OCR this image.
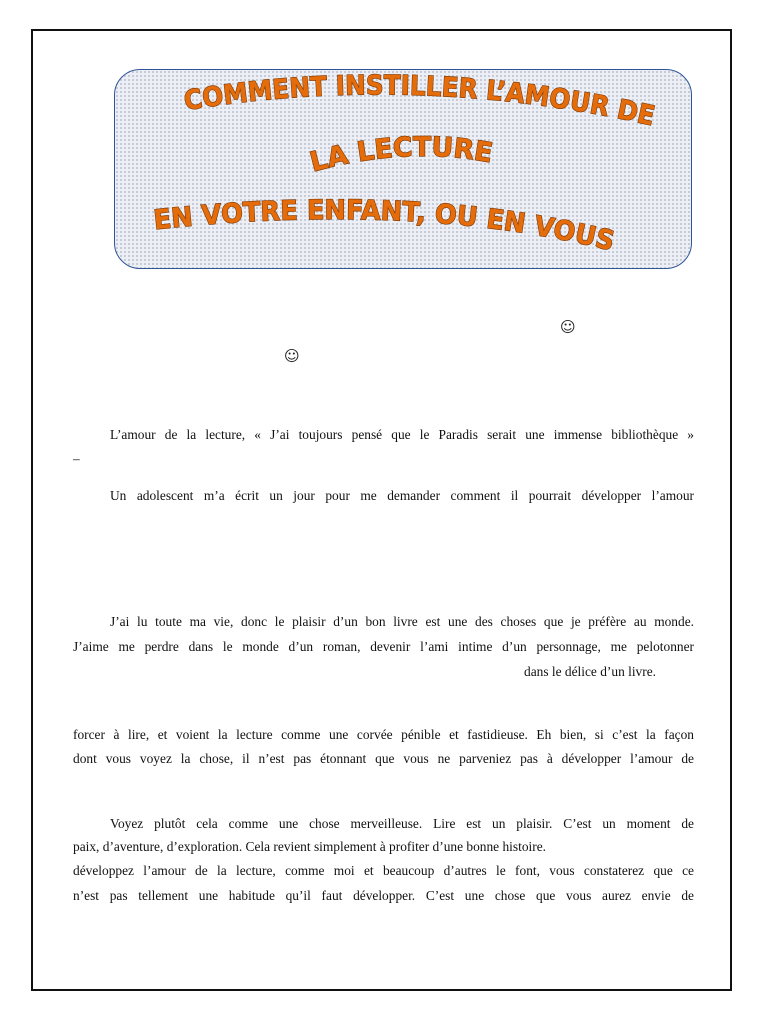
COMMENT INSTILLER L’AMOUR DE
LA LECTURE
EN VOTRE ENFANT, OU EN VOUS
☺
☺
L’amour de la lecture, « J’ai toujours pensé que le Paradis serait une immense bibliothèque »
–
Un adolescent m’a écrit un jour pour me demander comment il pourrait développer l’amour
J’ai lu toute ma vie, donc le plaisir d’un bon livre est une des choses que je préfère au monde.
J’aime me perdre dans le monde d’un roman, devenir l’ami intime d’un personnage, me pelotonner
dans le délice d’un livre.
forcer à lire, et voient la lecture comme une corvée pénible et fastidieuse. Eh bien, si c’est la façon
dont vous voyez la chose, il n’est pas étonnant que vous ne parveniez pas à développer l’amour de
Voyez plutôt cela comme une chose merveilleuse. Lire est un plaisir. C’est un moment de
paix, d’aventure, d’exploration. Cela revient simplement à profiter d’une bonne histoire.
développez l’amour de la lecture, comme moi et beaucoup d’autres le font, vous constaterez que ce
n’est pas tellement une habitude qu’il faut développer. C’est une chose que vous aurez envie de
